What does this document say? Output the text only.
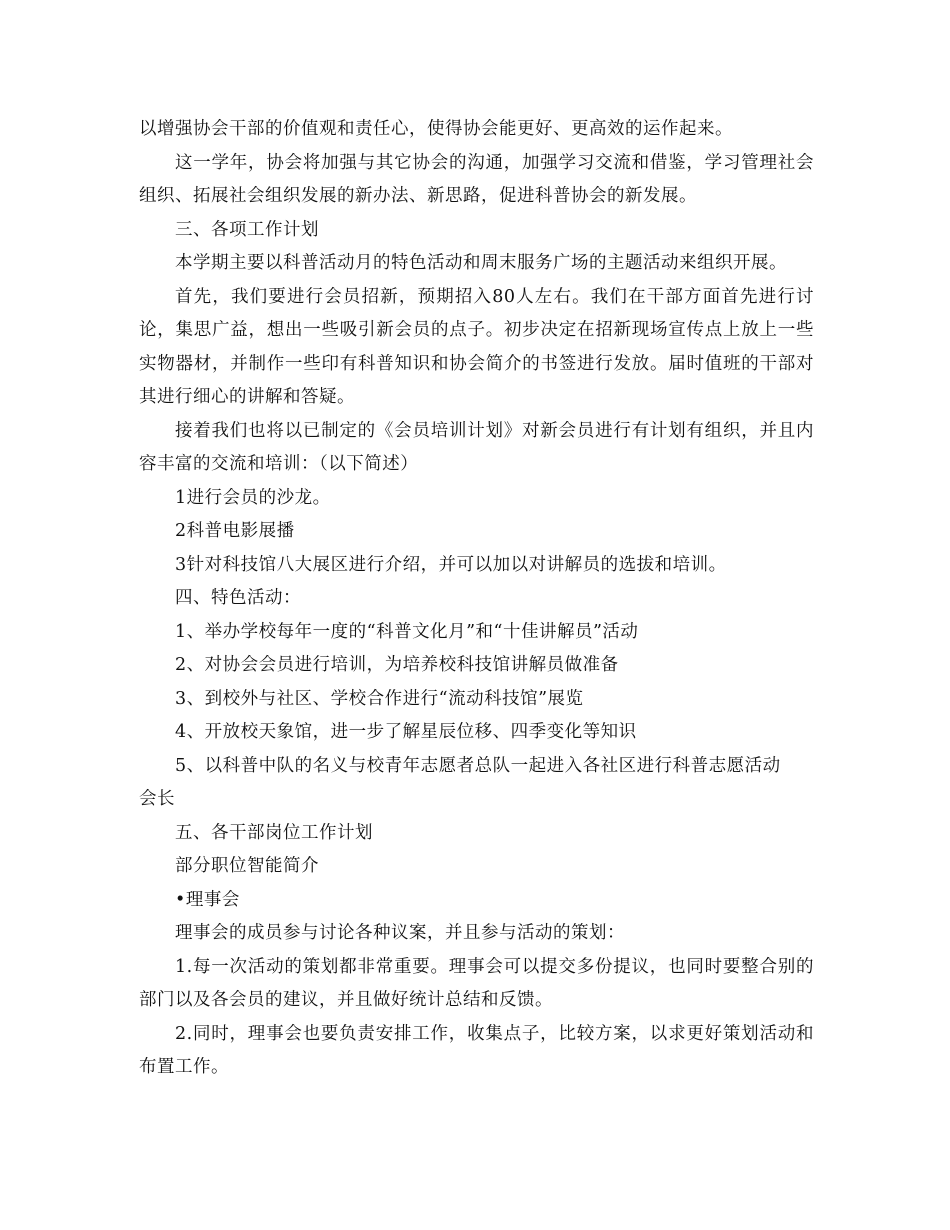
以增强协会干部的价值观和责任心，使得协会能更好、更高效的运作起来。

这一学年，协会将加强与其它协会的沟通，加强学习交流和借鉴，学习管理社会组织、拓展社会组织发展的新办法、新思路，促进科普协会的新发展。

三、各项工作计划

本学期主要以科普活动月的特色活动和周末服务广场的主题活动来组织开展。

首先，我们要进行会员招新，预期招入80人左右。我们在干部方面首先进行讨论，集思广益，想出一些吸引新会员的点子。初步决定在招新现场宣传点上放上一些实物器材，并制作一些印有科普知识和协会简介的书签进行发放。届时值班的干部对其进行细心的讲解和答疑。

接着我们也将以已制定的《会员培训计划》对新会员进行有计划有组织，并且内容丰富的交流和培训：（以下简述）

1进行会员的沙龙。

2科普电影展播

3针对科技馆八大展区进行介绍，并可以加以对讲解员的选拔和培训。

四、特色活动：

1、举办学校每年一度的“科普文化月”和“十佳讲解员”活动

2、对协会会员进行培训，为培养校科技馆讲解员做准备

3、到校外与社区、学校合作进行“流动科技馆”展览

4、开放校天象馆，进一步了解星辰位移、四季变化等知识

5、以科普中队的名义与校青年志愿者总队一起进入各社区进行科普志愿活动

会长

五、各干部岗位工作计划

部分职位智能简介

•理事会

理事会的成员参与讨论各种议案，并且参与活动的策划：

1.每一次活动的策划都非常重要。理事会可以提交多份提议，也同时要整合别的部门以及各会员的建议，并且做好统计总结和反馈。

2.同时，理事会也要负责安排工作，收集点子，比较方案，以求更好策划活动和布置工作。
